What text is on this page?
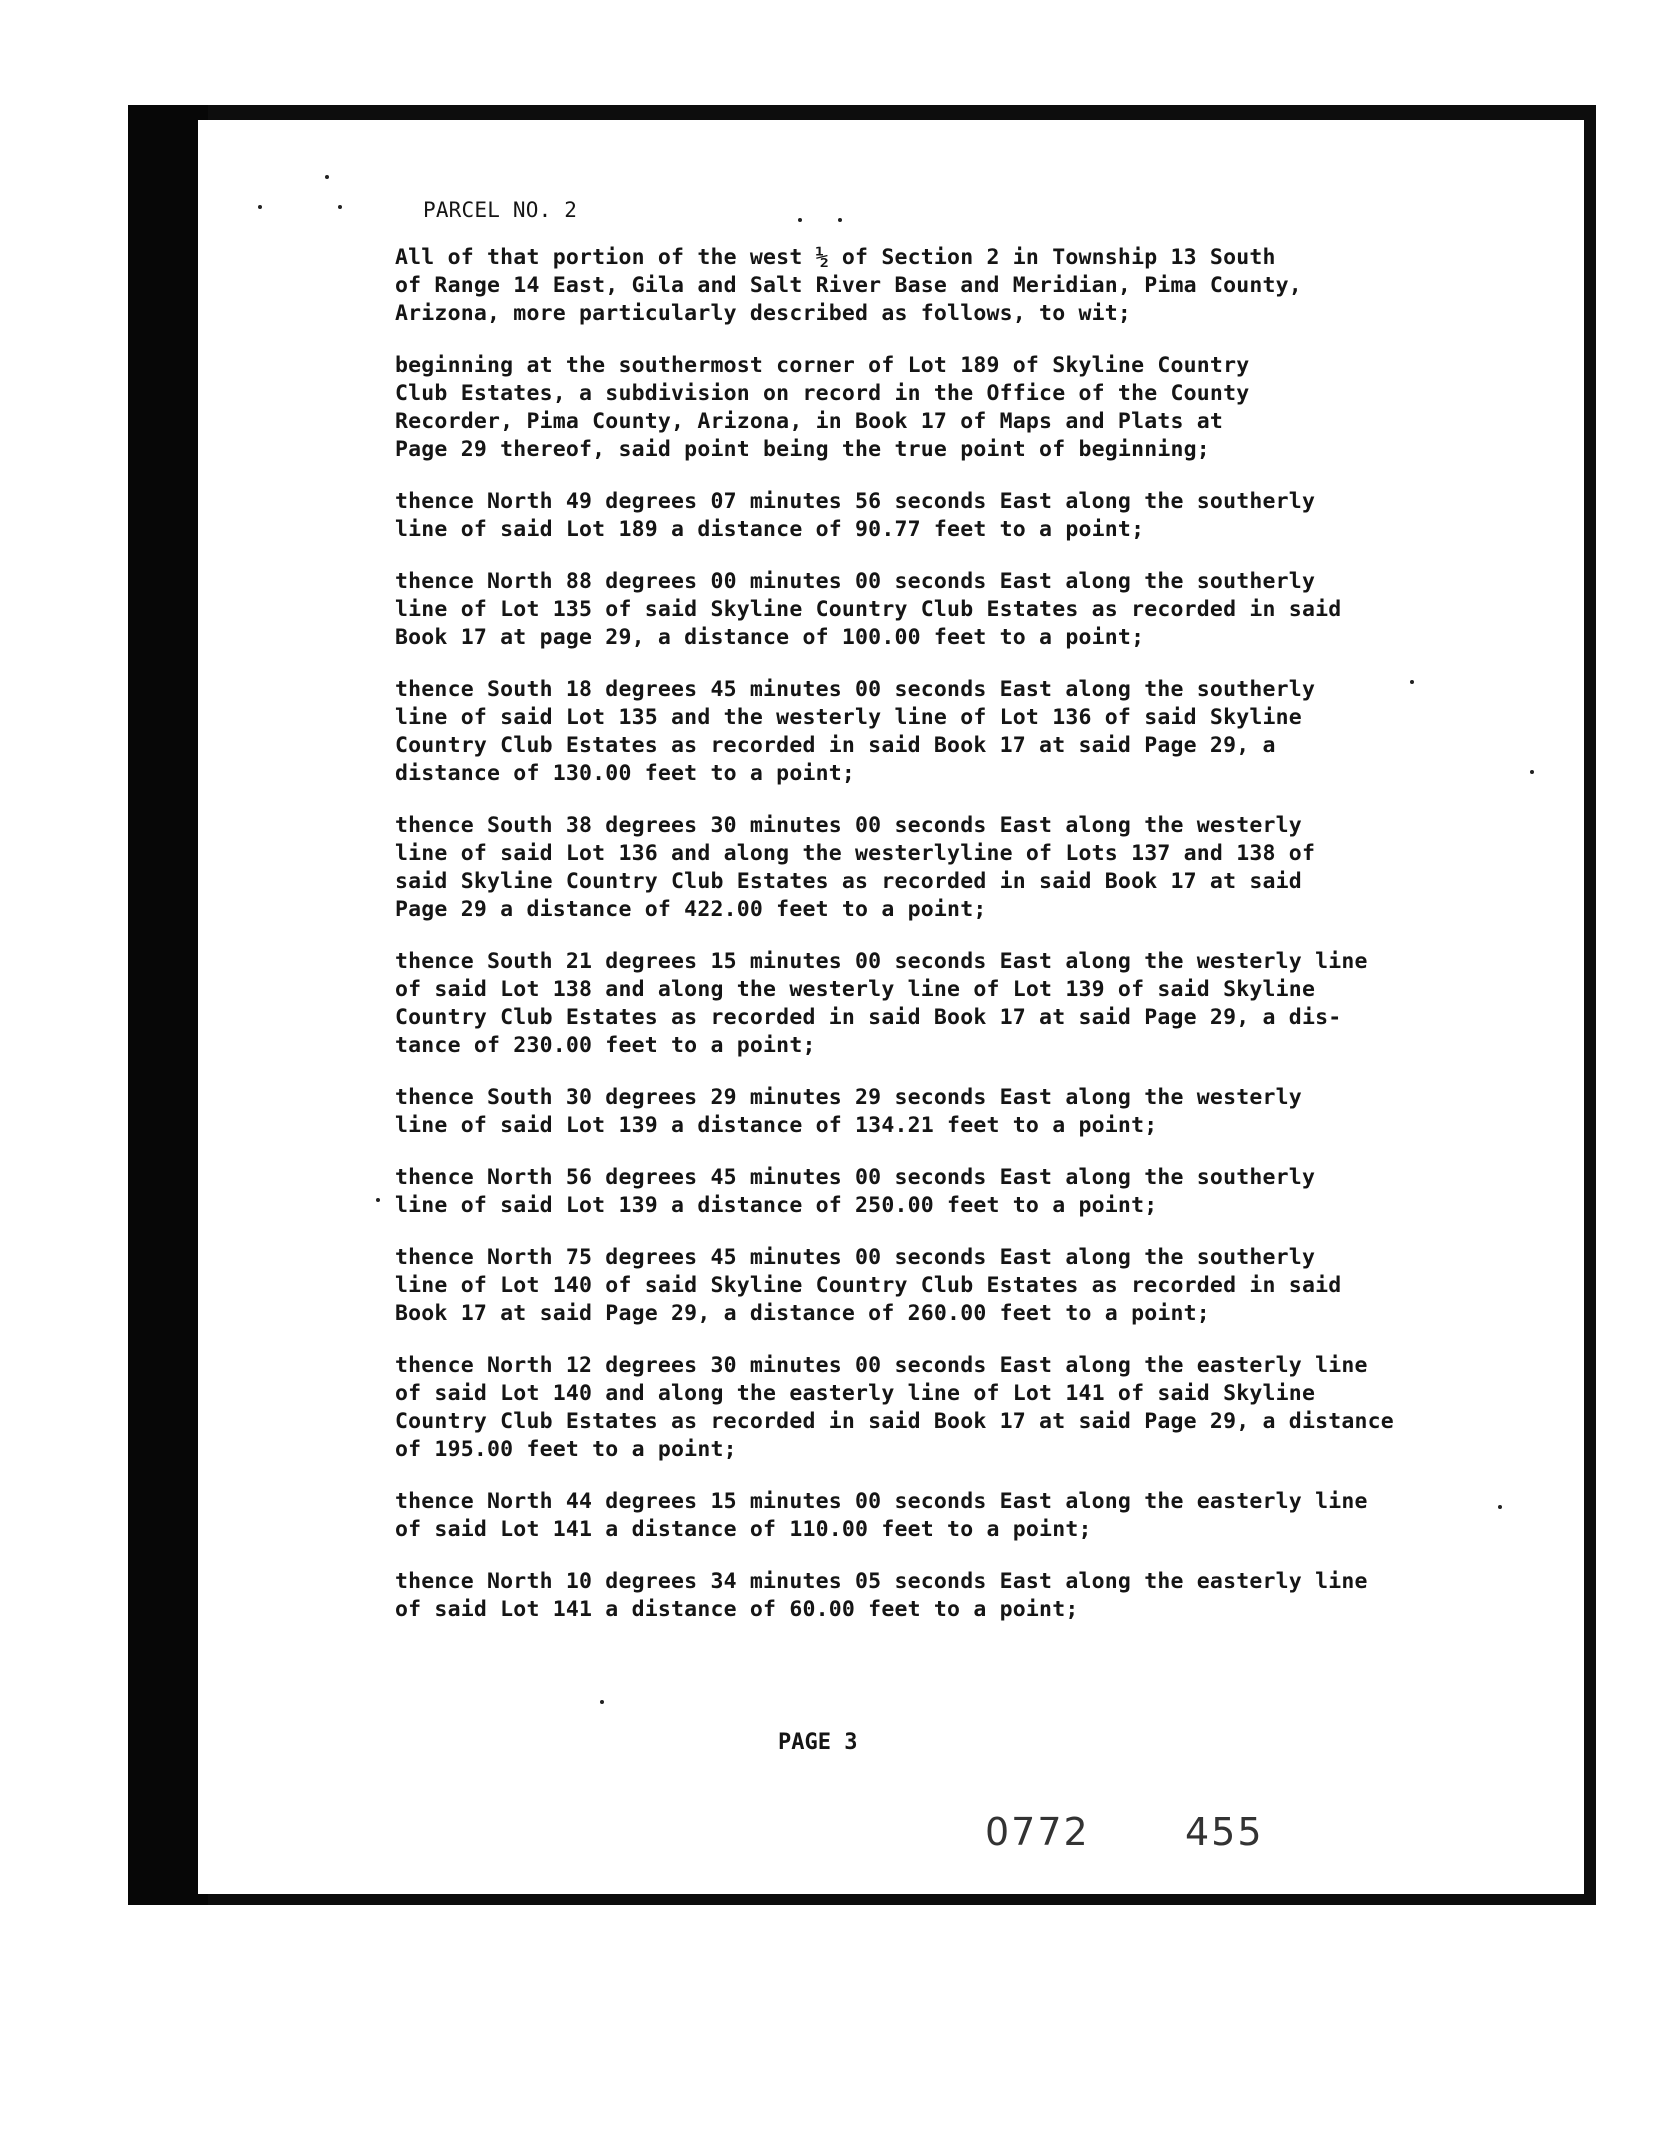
PARCEL NO. 2
All of that portion of the west ½ of Section 2 in Township 13 South
of Range 14 East, Gila and Salt River Base and Meridian, Pima County,
Arizona, more particularly described as follows, to wit;
beginning at the southermost corner of Lot 189 of Skyline Country
Club Estates, a subdivision on record in the Office of the County
Recorder, Pima County, Arizona, in Book 17 of Maps and Plats at
Page 29 thereof, said point being the true point of beginning;
thence North 49 degrees 07 minutes 56 seconds East along the southerly
line of said Lot 189 a distance of 90.77 feet to a point;
thence North 88 degrees 00 minutes 00 seconds East along the southerly
line of Lot 135 of said Skyline Country Club Estates as recorded in said
Book 17 at page 29, a distance of 100.00 feet to a point;
thence South 18 degrees 45 minutes 00 seconds East along the southerly
line of said Lot 135 and the westerly line of Lot 136 of said Skyline
Country Club Estates as recorded in said Book 17 at said Page 29, a
distance of 130.00 feet to a point;
thence South 38 degrees 30 minutes 00 seconds East along the westerly
line of said Lot 136 and along the westerlyline of Lots 137 and 138 of
said Skyline Country Club Estates as recorded in said Book 17 at said
Page 29 a distance of 422.00 feet to a point;
thence South 21 degrees 15 minutes 00 seconds East along the westerly line
of said Lot 138 and along the westerly line of Lot 139 of said Skyline
Country Club Estates as recorded in said Book 17 at said Page 29, a dis-
tance of 230.00 feet to a point;
thence South 30 degrees 29 minutes 29 seconds East along the westerly
line of said Lot 139 a distance of 134.21 feet to a point;
thence North 56 degrees 45 minutes 00 seconds East along the southerly
line of said Lot 139 a distance of 250.00 feet to a point;
thence North 75 degrees 45 minutes 00 seconds East along the southerly
line of Lot 140 of said Skyline Country Club Estates as recorded in said
Book 17 at said Page 29, a distance of 260.00 feet to a point;
thence North 12 degrees 30 minutes 00 seconds East along the easterly line
of said Lot 140 and along the easterly line of Lot 141 of said Skyline
Country Club Estates as recorded in said Book 17 at said Page 29, a distance
of 195.00 feet to a point;
thence North 44 degrees 15 minutes 00 seconds East along the easterly line
of said Lot 141 a distance of 110.00 feet to a point;
thence North 10 degrees 34 minutes 05 seconds East along the easterly line
of said Lot 141 a distance of 60.00 feet to a point;
PAGE 3
0772	455
